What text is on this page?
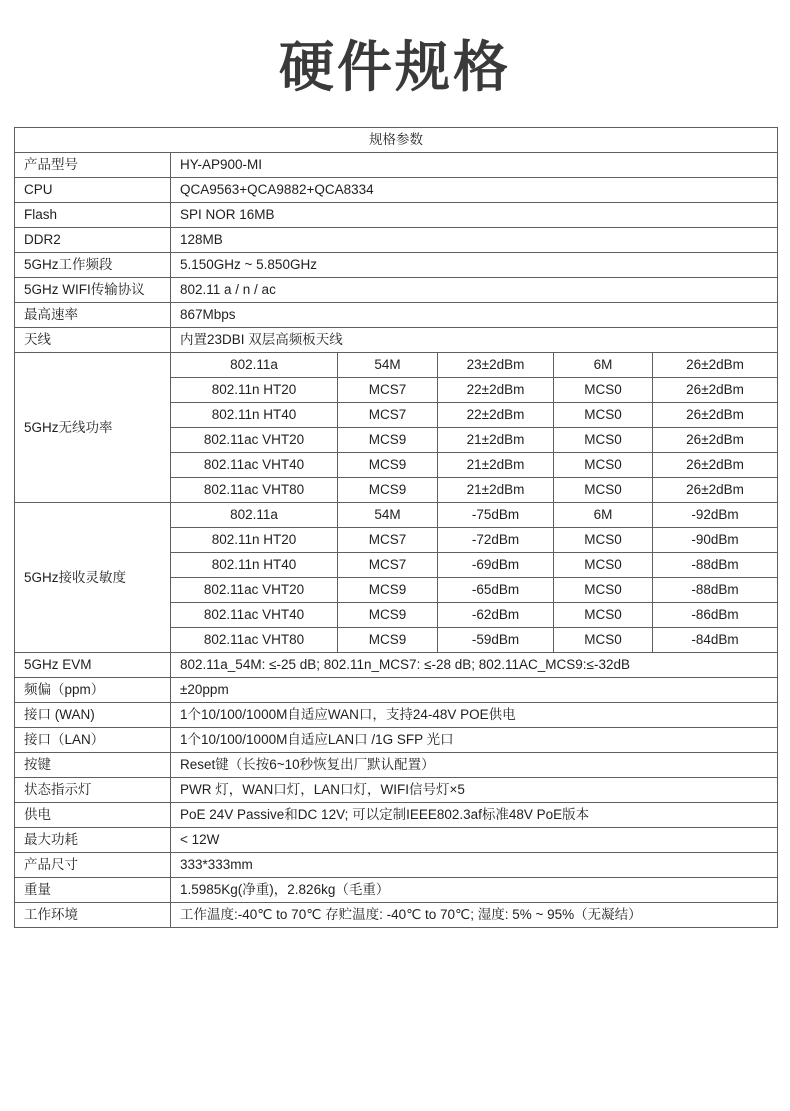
硬件规格
规格参数					
产品型号	HY-AP900-MI				
CPU	QCA9563+QCA9882+QCA8334				
Flash	SPI NOR 16MB				
DDR2	128MB				
5GHz工作频段	5.150GHz ~ 5.850GHz				
5GHz WIFI传输协议	802.11 a / n / ac				
最高速率	867Mbps				
天线	内置23DBI 双层高频板天线				
5GHz无线功率	802.11a	54M	23±2dBm	6M	26±2dBm
	802.11n HT20	MCS7	22±2dBm	MCS0	26±2dBm
	802.11n HT40	MCS7	22±2dBm	MCS0	26±2dBm
	802.11ac VHT20	MCS9	21±2dBm	MCS0	26±2dBm
	802.11ac VHT40	MCS9	21±2dBm	MCS0	26±2dBm
	802.11ac VHT80	MCS9	21±2dBm	MCS0	26±2dBm
5GHz接收灵敏度	802.11a	54M	-75dBm	6M	-92dBm
	802.11n HT20	MCS7	-72dBm	MCS0	-90dBm
	802.11n HT40	MCS7	-69dBm	MCS0	-88dBm
	802.11ac VHT20	MCS9	-65dBm	MCS0	-88dBm
	802.11ac VHT40	MCS9	-62dBm	MCS0	-86dBm
	802.11ac VHT80	MCS9	-59dBm	MCS0	-84dBm
5GHz EVM	802.11a_54M: ≤-25 dB; 802.11n_MCS7: ≤-28 dB; 802.11AC_MCS9:≤-32dB				
频偏（ppm）	±20ppm				
接口 (WAN)	1个10/100/1000M自适应WAN口，支持24-48V POE供电				
接口（LAN）	1个10/100/1000M自适应LAN口 /1G SFP 光口				
按键	Reset键（长按6~10秒恢复出厂默认配置）				
状态指示灯	PWR 灯，WAN口灯，LAN口灯，WIFI信号灯×5				
供电	PoE 24V Passive和DC 12V; 可以定制IEEE802.3af标准48V PoE版本				
最大功耗	< 12W				
产品尺寸	333*333mm				
重量	1.5985Kg(净重)，2.826kg（毛重）				
工作环境	工作温度:-40℃ to 70℃ 存贮温度: -40℃ to 70℃; 湿度: 5% ~ 95%（无凝结）				
